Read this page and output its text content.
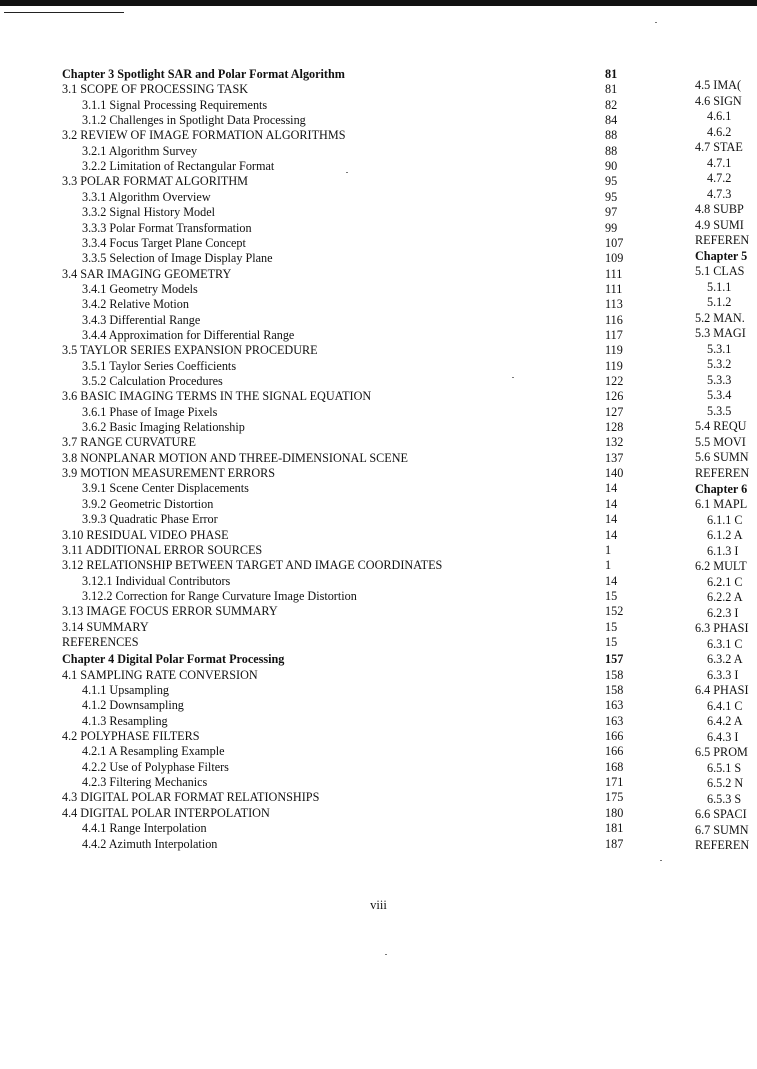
Chapter 3 Spotlight SAR and Polar Format Algorithm	81
3.1 SCOPE OF PROCESSING TASK	81
3.1.1 Signal Processing Requirements	82
3.1.2 Challenges in Spotlight Data Processing	84
3.2 REVIEW OF IMAGE FORMATION ALGORITHMS	88
3.2.1 Algorithm Survey	88
3.2.2 Limitation of Rectangular Format	90
3.3 POLAR FORMAT ALGORITHM	95
3.3.1 Algorithm Overview	95
3.3.2 Signal History Model	97
3.3.3 Polar Format Transformation	99
3.3.4 Focus Target Plane Concept	107
3.3.5 Selection of Image Display Plane	109
3.4 SAR IMAGING GEOMETRY	111
3.4.1 Geometry Models	111
3.4.2 Relative Motion	113
3.4.3 Differential Range	116
3.4.4 Approximation for Differential Range	117
3.5 TAYLOR SERIES EXPANSION PROCEDURE	119
3.5.1 Taylor Series Coefficients	119
3.5.2 Calculation Procedures	122
3.6 BASIC IMAGING TERMS IN THE SIGNAL EQUATION	126
3.6.1 Phase of Image Pixels	127
3.6.2 Basic Imaging Relationship	128
3.7 RANGE CURVATURE	132
3.8 NONPLANAR MOTION AND THREE-DIMENSIONAL SCENE	137
3.9 MOTION MEASUREMENT ERRORS	140
3.9.1 Scene Center Displacements	14
3.9.2 Geometric Distortion	14
3.9.3 Quadratic Phase Error	14
3.10 RESIDUAL VIDEO PHASE	14
3.11 ADDITIONAL ERROR SOURCES	1
3.12 RELATIONSHIP BETWEEN TARGET AND IMAGE COORDINATES	1
3.12.1 Individual Contributors	14
3.12.2 Correction for Range Curvature Image Distortion	15
3.13 IMAGE FOCUS ERROR SUMMARY	152
3.14 SUMMARY	15
REFERENCES	15
Chapter 4 Digital Polar Format Processing	157
4.1 SAMPLING RATE CONVERSION	158
4.1.1 Upsampling	158
4.1.2 Downsampling	163
4.1.3 Resampling	163
4.2 POLYPHASE FILTERS	166
4.2.1 A Resampling Example	166
4.2.2 Use of Polyphase Filters	168
4.2.3 Filtering Mechanics	171
4.3 DIGITAL POLAR FORMAT RELATIONSHIPS	175
4.4 DIGITAL POLAR INTERPOLATION	180
4.4.1 Range Interpolation	181
4.4.2 Azimuth Interpolation	187
4.5 IMA(
4.6 SIGN
4.6.1
4.6.2
4.7 STAE
4.7.1
4.7.2
4.7.3
4.8 SUBP
4.9 SUMI
REFEREN
Chapter 5
5.1 CLAS
5.1.1
5.1.2
5.2 MAN.
5.3 MAGI
5.3.1
5.3.2
5.3.3
5.3.4
5.3.5
5.4 REQU
5.5 MOVI
5.6 SUMN
REFEREN
Chapter 6
6.1 MAPL
6.1.1 C
6.1.2 A
6.1.3 I
6.2 MULT
6.2.1 C
6.2.2 A
6.2.3 I
6.3 PHASI
6.3.1 C
6.3.2 A
6.3.3 I
6.4 PHASI
6.4.1 C
6.4.2 A
6.4.3 I
6.5 PROM
6.5.1 S
6.5.2 N
6.5.3 S
6.6 SPACI
6.7 SUMN
REFEREN
viii
